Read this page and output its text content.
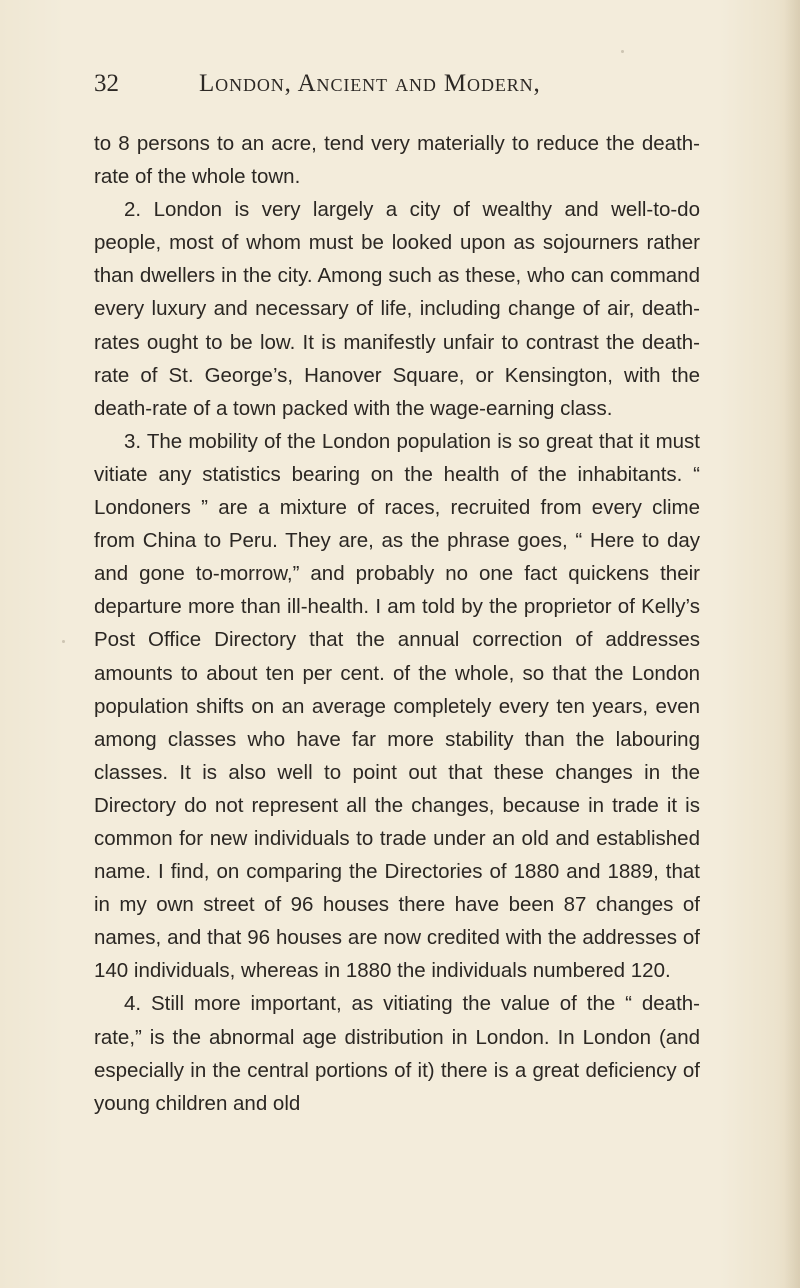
32	London, Ancient and Modern,

to 8 persons to an acre, tend very materially to reduce the death-rate of the whole town.

2. London is very largely a city of wealthy and well-to-do people, most of whom must be looked upon as sojourners rather than dwellers in the city. Among such as these, who can command every luxury and necessary of life, including change of air, death-rates ought to be low. It is manifestly unfair to contrast the death-rate of St. George’s, Hanover Square, or Kensington, with the death-rate of a town packed with the wage-earning class.

3. The mobility of the London population is so great that it must vitiate any statistics bearing on the health of the inhabitants. “ Londoners ” are a mixture of races, recruited from every clime from China to Peru. They are, as the phrase goes, “ Here to day and gone to-morrow,” and probably no one fact quickens their departure more than ill-health. I am told by the proprietor of Kelly’s Post Office Directory that the annual correction of addresses amounts to about ten per cent. of the whole, so that the London population shifts on an average completely every ten years, even among classes who have far more stability than the labouring classes. It is also well to point out that these changes in the Directory do not represent all the changes, because in trade it is common for new individuals to trade under an old and established name. I find, on comparing the Directories of 1880 and 1889, that in my own street of 96 houses there have been 87 changes of names, and that 96 houses are now credited with the addresses of 140 individuals, whereas in 1880 the individuals numbered 120.

4. Still more important, as vitiating the value of the “ death-rate,” is the abnormal age distribution in London. In London (and especially in the central portions of it) there is a great deficiency of young children and old
